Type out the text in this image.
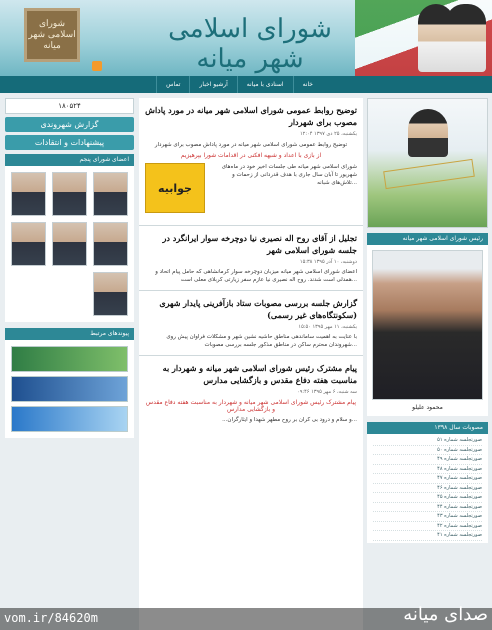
شورای اسلامی شهر میانه
شورای اسلامی شهر میانه
خانه
اسنادی با میانه
آرشیو اخبار
تماس
رئیس شورای اسلامی شهر میانه
محمود علیلو
مصوبات سال ۱۳۹۸
صورتجلسه شماره ۵۱
صورتجلسه شماره ۵۰
صورتجلسه شماره ۴۹
صورتجلسه شماره ۴۸
صورتجلسه شماره ۴۷
صورتجلسه شماره ۴۶
صورتجلسه شماره ۴۵
صورتجلسه شماره ۴۴
صورتجلسه شماره ۴۳
صورتجلسه شماره ۴۲
صورتجلسه شماره ۴۱
۱۸۰۵۲۴
گزارش شهروندی
پیشنهادات و انتقادات
اعضای شورای پنجم
پیوندهای مرتبط
توضیح روابط عمومی شورای اسلامی شهر میانه در مورد پاداش مصوب برای شهردار
یکشنبه، ۲۵ دی ۱۳۹۷ ۱۲:۰۴
توضیح روابط عمومی شورای اسلامی شهر میانه در مورد پاداش مصوب برای شهردار
از بازی با اعداد و شبهه افکنی در اقدامات شورا بپرهیزیم
شورای اسلامی شهر میانه طی جلسات اخیر خود در ماه‌های شهریور تا آبان سال جاری با هدف قدردانی از زحمات و تلاش‌های شبانه...
جوابیه
تجلیل از آقای روح اله نصیری نیا دوچرخه سوار ایرانگرد در جلسه شورای اسلامی شهر
دوشنبه، ۱۰ آذر ۱۳۹۵ ۱۵:۳۸
اعضای شورای اسلامی شهر میانه میزبان دوچرخه سوار کرمانشاهی که حامل پیام اتحاد و همدلی است شدند. روح اله نصیری نیا عازم سفر زیارتی کربلای معلی است...
گزارش جلسه بررسی مصوبات ستاد بازآفرینی پایدار شهری (سکونتگاه‌های غیر رسمی)
یکشنبه، ۱۱ مهر ۱۳۹۵ ۱۵:۵۰
با عنایت به اهمیت ساماندهی مناطق حاشیه نشین شهر و مشکلات فراوان پیش روی شهروندان محترم ساکن در مناطق مذکور جلسه بررسی مصوبات...
پیام مشترک رئیس شورای اسلامی شهر میانه و شهردار به مناسبت هفته دفاع مقدس و بازگشایی مدارس
سه شنبه، ۶ مهر ۱۳۹۵ ۰۹:۴۶
پیام مشترک رئیس شورای اسلامی شهر میانه و شهردار به مناسبت هفته دفاع مقدس و بازگشایی مدارس
...و سلام و درود بی کران بر روح مطهر شهدا و ایثارگران...
vom.ir/84620m	صدای میانه
